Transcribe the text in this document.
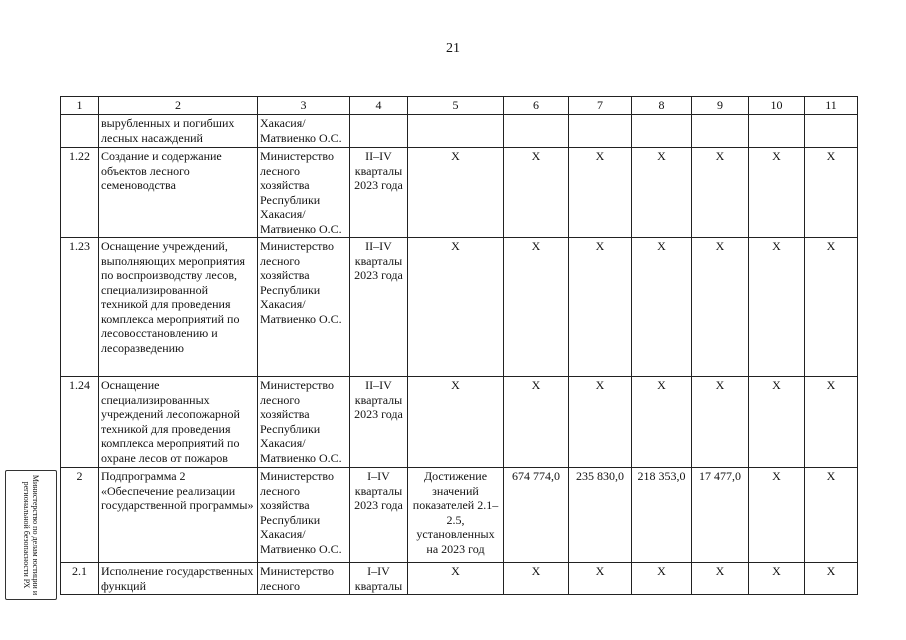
21
1	2	3	4	5	6	7	8	9	10	11
	вырубленных и погибших лесных насаждений	Хакасия/ Матвиенко О.С.								
1.22	Создание и содержание объектов лесного семеноводства	Министерство лесного хозяйства Республики Хакасия/ Матвиенко О.С.	II–IV кварталы 2023 года	X	X	X	X	X	X	X
1.23	Оснащение учреждений, выполняющих мероприятия по воспроизводству лесов, специализированной техникой для проведения комплекса мероприятий по лесовосстановлению и лесоразведению	Министерство лесного хозяйства Республики Хакасия/ Матвиенко О.С.	II–IV кварталы 2023 года	X	X	X	X	X	X	X
1.24	Оснащение специализированных учреждений лесопожарной техникой для проведения комплекса мероприятий по охране лесов от пожаров	Министерство лесного хозяйства Республики Хакасия/ Матвиенко О.С.	II–IV кварталы 2023 года	X	X	X	X	X	X	X
2	Подпрограмма 2 «Обеспечение реализации государственной программы»	Министерство лесного хозяйства Республики Хакасия/ Матвиенко О.С.	I–IV кварталы 2023 года	Достижение значений показателей 2.1–2.5, установленных на 2023 год	674 774,0	235 830,0	218 353,0	17 477,0	X	X
2.1	Исполнение государственных функций	Министерство лесного	I–IV кварталы	X	X	X	X	X	X	X
Министерство по делам юстиции и региональной безопасности РХ
